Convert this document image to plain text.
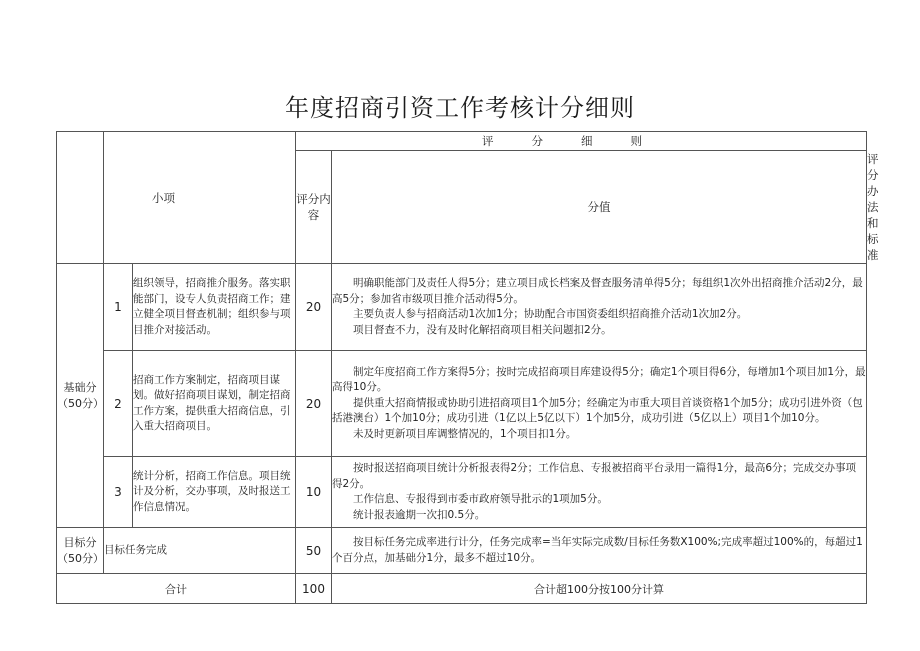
年度招商引资工作考核计分细则
	小项		评分细则		
			评分内容	分值	评分办法和标准
基础分（50分）	1	组织领导，招商推介服务。落实职能部门，设专人负责招商工作；建立健全项目督查机制；组织参与项目推介对接活动。	20	明确职能部门及责任人得5分；建立项目成长档案及督查服务清单得5分；每组织1次外出招商推介活动2分，最高5分；参加省市级项目推介活动得5分。

主要负责人参与招商活动1次加1分；协助配合市国资委组织招商推介活动1次加2分。

项目督查不力，没有及时化解招商项目相关问题扣2分。	

	2	招商工作方案制定，招商项目谋划。做好招商项目谋划，制定招商工作方案，提供重大招商信息，引入重大招商项目。	20	制定年度招商工作方案得5分；按时完成招商项目库建设得5分；确定1个项目得6分，每增加1个项目加1分，最高得10分。

提供重大招商情报或协助引进招商项目1个加5分；经确定为市重大项目首谈资格1个加5分；成功引进外资（包括港澳台）1个加10分；成功引进（1亿以上5亿以下）1个加5分，成功引进（5亿以上）项目1个加10分。

未及时更新项目库调整情况的，1个项目扣1分。	

	3	统计分析，招商工作信息。项目统计及分析，交办事项，及时报送工作信息情况。	10	按时报送招商项目统计分析报表得2分；工作信息、专报被招商平台录用一篇得1分，最高6分；完成交办事项得2分。

工作信息、专报得到市委市政府领导批示的1项加5分。

统计报表逾期一次扣0.5分。	

目标分（50分）	目标任务完成		50	按目标任务完成率进行计分，任务完成率=当年实际完成数/目标任务数X100%;完成率超过100%的，每超过1个百分点，加基础分1分，最多不超过10分。	

合计			100	合计超100分按100分计算	
